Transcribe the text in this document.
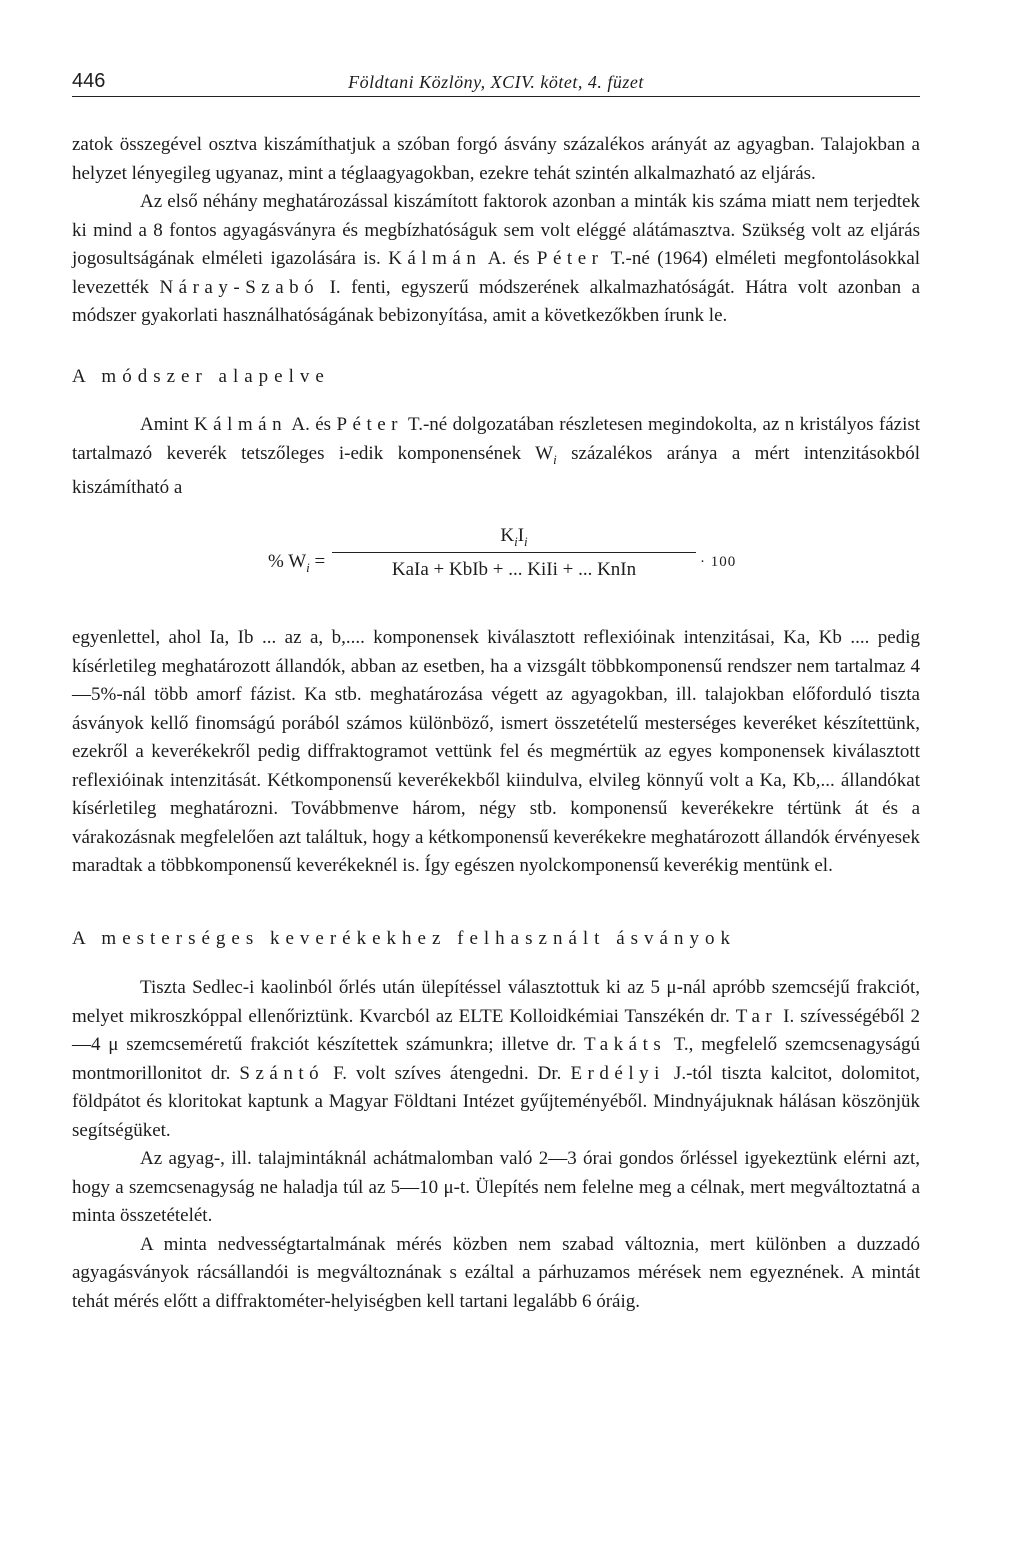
446	Földtani Közlöny, XCIV. kötet, 4. füzet

zatok összegével osztva kiszámíthatjuk a szóban forgó ásvány százalékos arányát az agyagban. Talajokban a helyzet lényegileg ugyanaz, mint a téglaagyagokban, ezekre tehát szintén alkalmazható az eljárás.

Az első néhány meghatározással kiszámított faktorok azonban a minták kis száma miatt nem terjedtek ki mind a 8 fontos agyagásványra és megbízhatóságuk sem volt eléggé alátámasztva. Szükség volt az eljárás jogosultságának elméleti igazolására is. Kálmán A. és Péter T.-né (1964) elméleti megfontolásokkal levezették Náray-Szabó I. fenti, egyszerű módszerének alkalmazhatóságát. Hátra volt azonban a módszer gyakorlati használhatóságának bebizonyítása, amit a következőkben írunk le.

A módszer alapelve

Amint Kálmán A. és Péter T.-né dolgozatában részletesen megindokolta, az n kristályos fázist tartalmazó keverék tetszőleges i-edik komponensének $W_i$ százalékos aránya a mért intenzitásokból kiszámítható a

% $W_i$ =
$K_iI_i$
KaIa + KbIb + ... KiIi + ... KnIn	· 100

egyenlettel, ahol Ia, Ib ... az a, b,.... komponensek kiválasztott reflexióinak intenzitásai, Ka, Kb .... pedig kísérletileg meghatározott állandók, abban az esetben, ha a vizsgált többkomponensű rendszer nem tartalmaz 4—5%-nál több amorf fázist. Ka stb. meghatározása végett az agyagokban, ill. talajokban előforduló tiszta ásványok kellő finomságú porából számos különböző, ismert összetételű mesterséges keveréket készítettünk, ezekről a keverékekről pedig diffraktogramot vettünk fel és megmértük az egyes komponensek kiválasztott reflexióinak intenzitását. Kétkomponensű keverékekből kiindulva, elvileg könnyű volt a Ka, Kb,... állandókat kísérletileg meghatározni. Továbbmenve három, négy stb. komponensű keverékekre tértünk át és a várakozásnak megfelelően azt találtuk, hogy a kétkomponensű keverékekre meghatározott állandók érvényesek maradtak a többkomponensű keverékeknél is. Így egészen nyolckomponensű keverékig mentünk el.

A mesterséges keverékekhez felhasznált ásványok

Tiszta Sedlec-i kaolinból őrlés után ülepítéssel választottuk ki az 5 μ-nál apróbb szemcséjű frakciót, melyet mikroszkóppal ellenőriztünk. Kvarcból az ELTE Kolloidkémiai Tanszékén dr. Tar I. szívességéből 2—4 μ szemcseméretű frakciót készítettek számunkra; illetve dr. Takáts T., megfelelő szemcsenagyságú montmorillonitot dr. Szántó F. volt szíves átengedni. Dr. Erdélyi J.-tól tiszta kalcitot, dolomitot, földpátot és kloritokat kaptunk a Magyar Földtani Intézet gyűjteményéből. Mindnyájuknak hálásan köszönjük segítségüket.

Az agyag-, ill. talajmintáknál achátmalomban való 2—3 órai gondos őrléssel igyekeztünk elérni azt, hogy a szemcsenagyság ne haladja túl az 5—10 μ-t. Ülepítés nem felelne meg a célnak, mert megváltoztatná a minta összetételét.

A minta nedvességtartalmának mérés közben nem szabad változnia, mert különben a duzzadó agyagásványok rácsállandói is megváltoznának s ezáltal a párhuzamos mérések nem egyeznének. A mintát tehát mérés előtt a diffraktométer-helyiségben kell tartani legalább 6 óráig.
